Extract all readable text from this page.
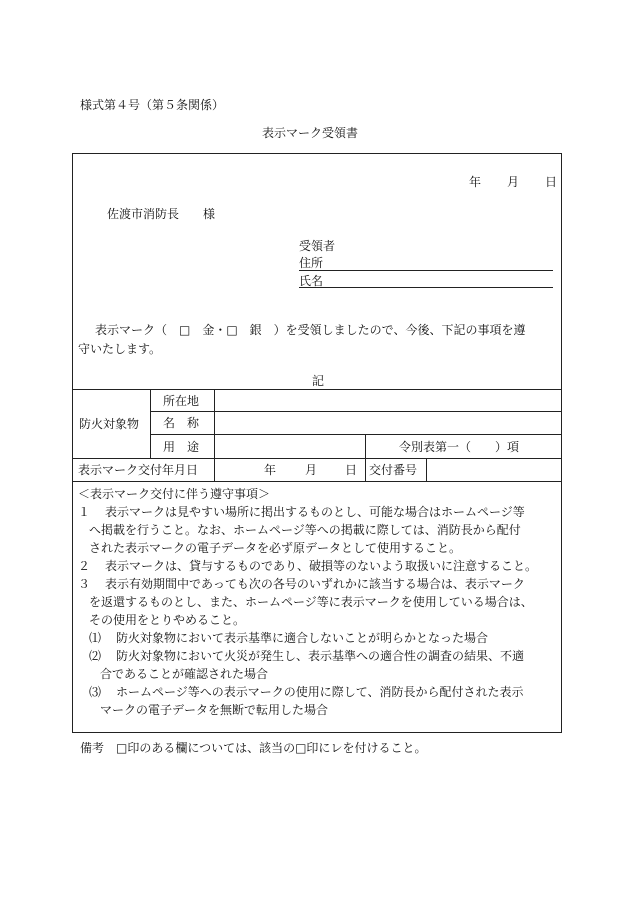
様式第４号（第５条関係）
表示マーク受領書
年 月 日
佐渡市消防長　　様
受領者
住所
氏名
表示マーク（　□　金・□　銀　）を受領しましたので、今後、下記の事項を遵
守いたします。
記
防火対象物
所在地
名　称
用　途	令別表第一（　　）項
表示マーク交付年月日	年 月 日 交付番号
＜表示マーク交付に伴う遵守事項＞
１ 表示マークは見やすい場所に掲出するものとし、可能な場合はホームページ等
へ掲載を行うこと。なお、ホームページ等への掲載に際しては、消防長から配付
された表示マークの電子データを必ず原データとして使用すること。
２ 表示マークは、貸与するものであり、破損等のないよう取扱いに注意すること。
３ 表示有効期間中であっても次の各号のいずれかに該当する場合は、表示マーク
を返還するものとし、また、ホームページ等に表示マークを使用している場合は、
その使用をとりやめること。
⑴ 防火対象物において表示基準に適合しないことが明らかとなった場合
⑵ 防火対象物において火災が発生し、表示基準への適合性の調査の結果、不適
合であることが確認された場合
⑶ ホームページ等への表示マークの使用に際して、消防長から配付された表示
マークの電子データを無断で転用した場合
備考　□印のある欄については、該当の□印にレを付けること。
